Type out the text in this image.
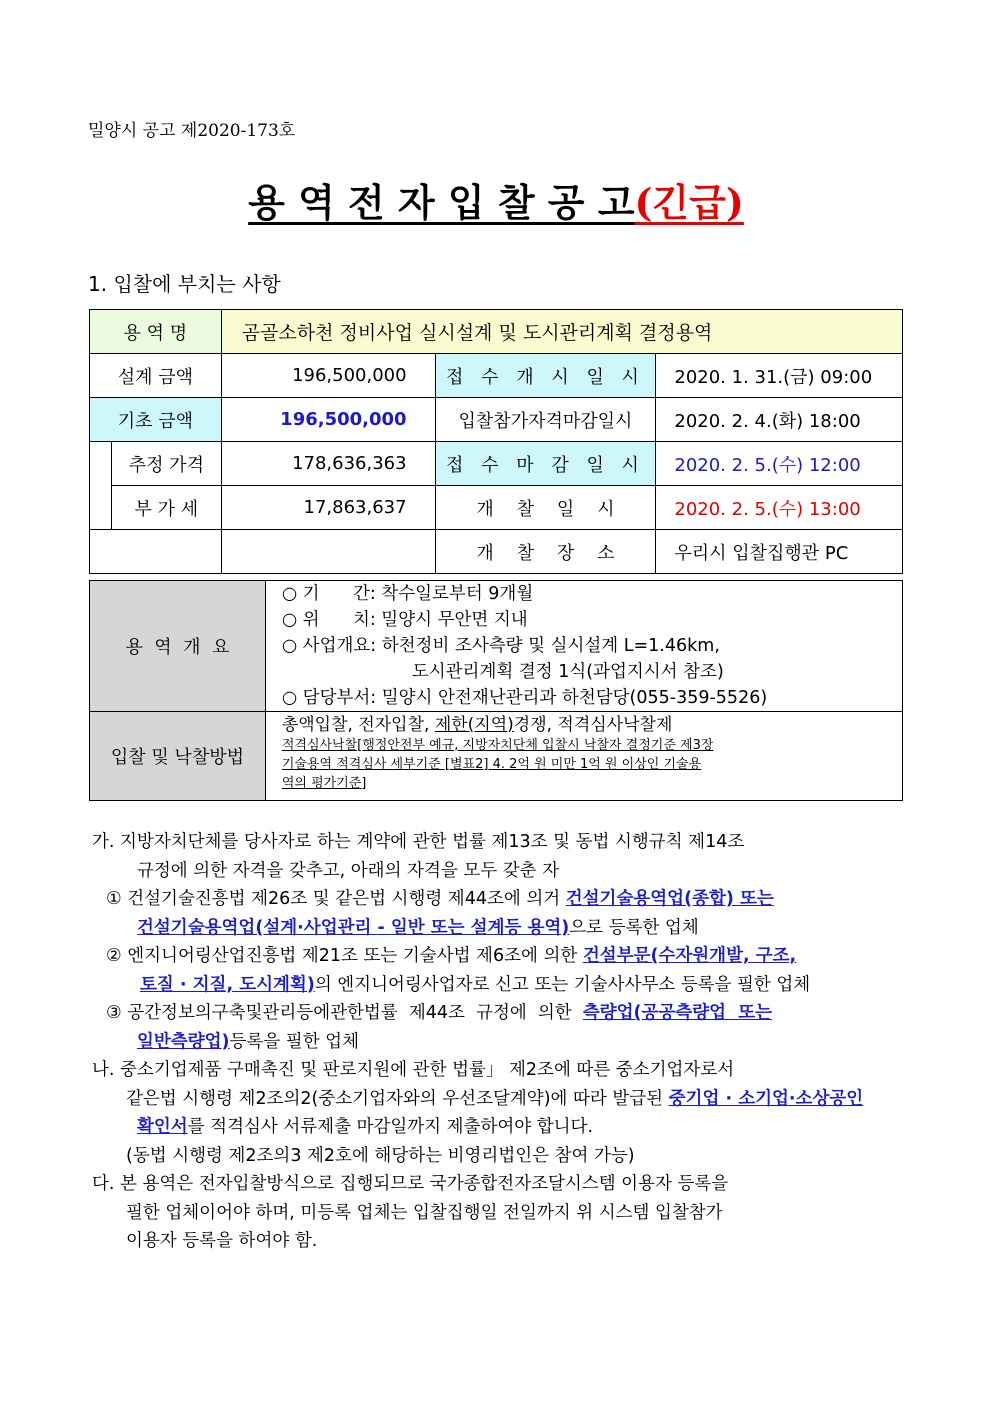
밀양시 공고 제2020-173호
용 역 전 자 입 찰 공 고(긴급)
1. 입찰에 부치는 사항
용 역 명		곰골소하천 정비사업 실시설계 및 도시관리계획 결정용역		
설계 금액		196,500,000	접 수 개 시 일 시	2020. 1. 31.(금) 09:00
기초 금액		196,500,000	입찰참가자격마감일시	2020. 2. 4.(화) 18:00
	추정 가격	178,636,363	접 수 마 감 일 시	2020. 2. 5.(수) 12:00
	부 가 세	17,863,637	개    찰    일    시	2020. 2. 5.(수) 13:00
			개    찰    장    소	우리시 입찰집행관 PC
용  역  개  요	○ 기      간: 착수일로부터 9개월
○ 위      치: 밀양시 무안면 지내
○ 사업개요: 하천정비 조사측량 및 실시설계 L=1.46km,
도시관리계획 결정 1식(과업지시서 참조)
○ 담당부서: 밀양시 안전재난관리과 하천담당(055-359-5526)

입찰 및 낙찰방법	총액입찰, 전자입찰, 제한(지역)경쟁, 적격심사낙찰제
적격심사낙찰[행정안전부 예규, 지방자치단체 입찰시 낙찰자 결정기준 제3장
기술용역 적격심사 세부기준 [별표2] 4. 2억 원 미만 1억 원 이상인 기술용
역의 평가기준]
가. 지방자치단체를 당사자로 하는 계약에 관한 법률 제13조 및 동법 시행규칙 제14조
규정에 의한 자격을 갖추고, 아래의 자격을 모두 갖춘 자
① 건설기술진흥법 제26조 및 같은법 시행령 제44조에 의거 건설기술용역업(종합) 또는
건설기술용역업(설계·사업관리 - 일반 또는 설계등 용역)으로 등록한 업체
② 엔지니어링산업진흥법 제21조 또는 기술사법 제6조에 의한 건설부문(수자원개발, 구조,
토질 · 지질, 도시계획)의 엔지니어링사업자로 신고 또는 기술사사무소 등록을 필한 업체
③ 공간정보의구축및관리등에관한법률  제44조  규정에  의한  측량업(공공측량업  또는
일반측량업)등록을 필한 업체
나. 중소기업제품 구매촉진 및 판로지원에 관한 법률」 제2조에 따른 중소기업자로서
같은법 시행령 제2조의2(중소기업자와의 우선조달계약)에 따라 발급된 중기업 · 소기업·소상공인
확인서를 적격심사 서류제출 마감일까지 제출하여야 합니다.
(동법 시행령 제2조의3 제2호에 해당하는 비영리법인은 참여 가능)
다. 본 용역은 전자입찰방식으로 집행되므로 국가종합전자조달시스템 이용자 등록을
필한 업체이어야 하며, 미등록 업체는 입찰집행일 전일까지 위 시스템 입찰참가
이용자 등록을 하여야 함.
